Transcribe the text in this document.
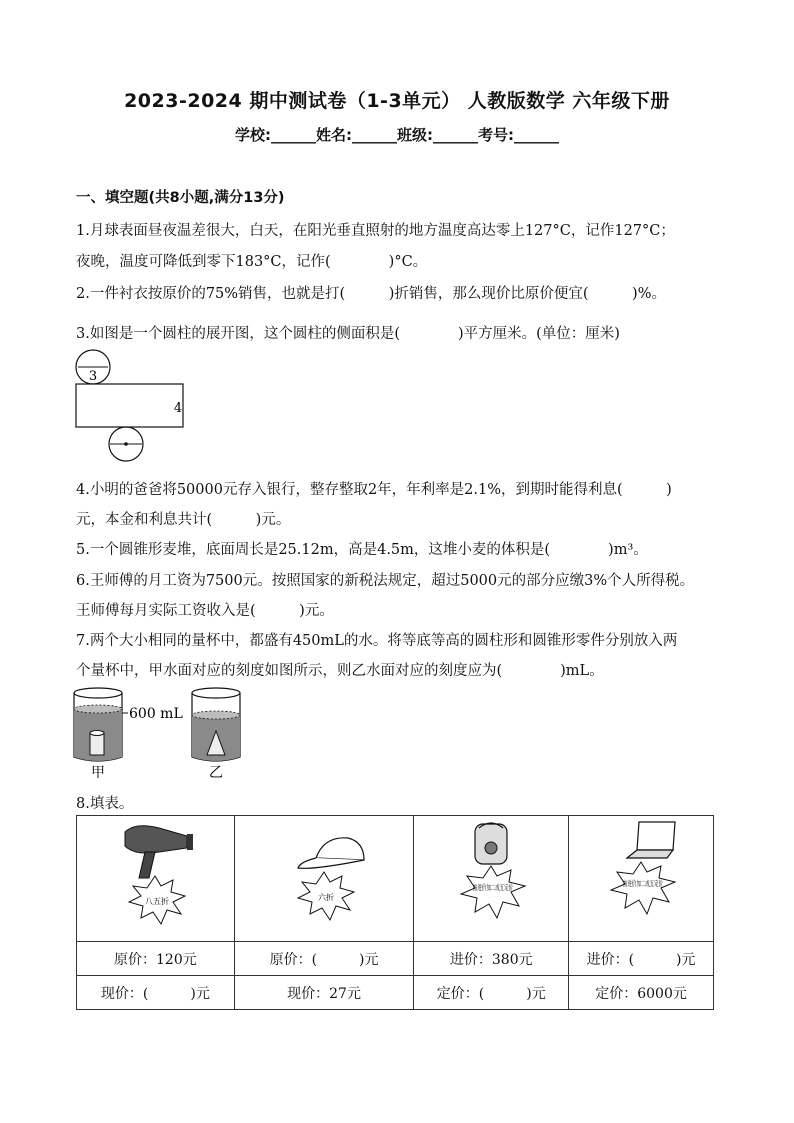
2023-2024 期中测试卷（1-3单元） 人教版数学 六年级下册
学校:______姓名:______班级:______考号:______
一、填空题(共8小题,满分13分)
1.月球表面昼夜温差很大，白天，在阳光垂直照射的地方温度高达零上127°C，记作127°C；
夜晚，温度可降低到零下183°C，记作(　　　　)°C。
2.一件衬衣按原价的75%销售，也就是打(　　　)折销售，那么现价比原价便宜(　　　)%。
3.如图是一个圆柱的展开图，这个圆柱的侧面积是(　　　　)平方厘米。(单位：厘米)
3
4
4.小明的爸爸将50000元存入银行，整存整取2年，年利率是2.1%，到期时能得利息(　　　)
元，本金和利息共计(　　　)元。
5.一个圆锥形麦堆，底面周长是25.12m，高是4.5m，这堆小麦的体积是(　　　　)m³。
6.王师傅的月工资为7500元。按照国家的新税法规定，超过5000元的部分应缴3%个人所得税。
王师傅每月实际工资收入是(　　　)元。
7.两个大小相同的量杯中，都盛有450mL的水。将等底等高的圆柱形和圆锥形零件分别放入两
个量杯中，甲水面对应的刻度如图所示，则乙水面对应的刻度应为(　　　　)mL。
600 mL
甲	乙
8.填表。
八五折	六折	按进价加二成五定价	按进价加二成五定价

原价：120元	原价：(　　　)元	进价：380元	进价：(　　　)元
现价：(　　　)元	现价：27元	定价：(　　　)元	定价：6000元
